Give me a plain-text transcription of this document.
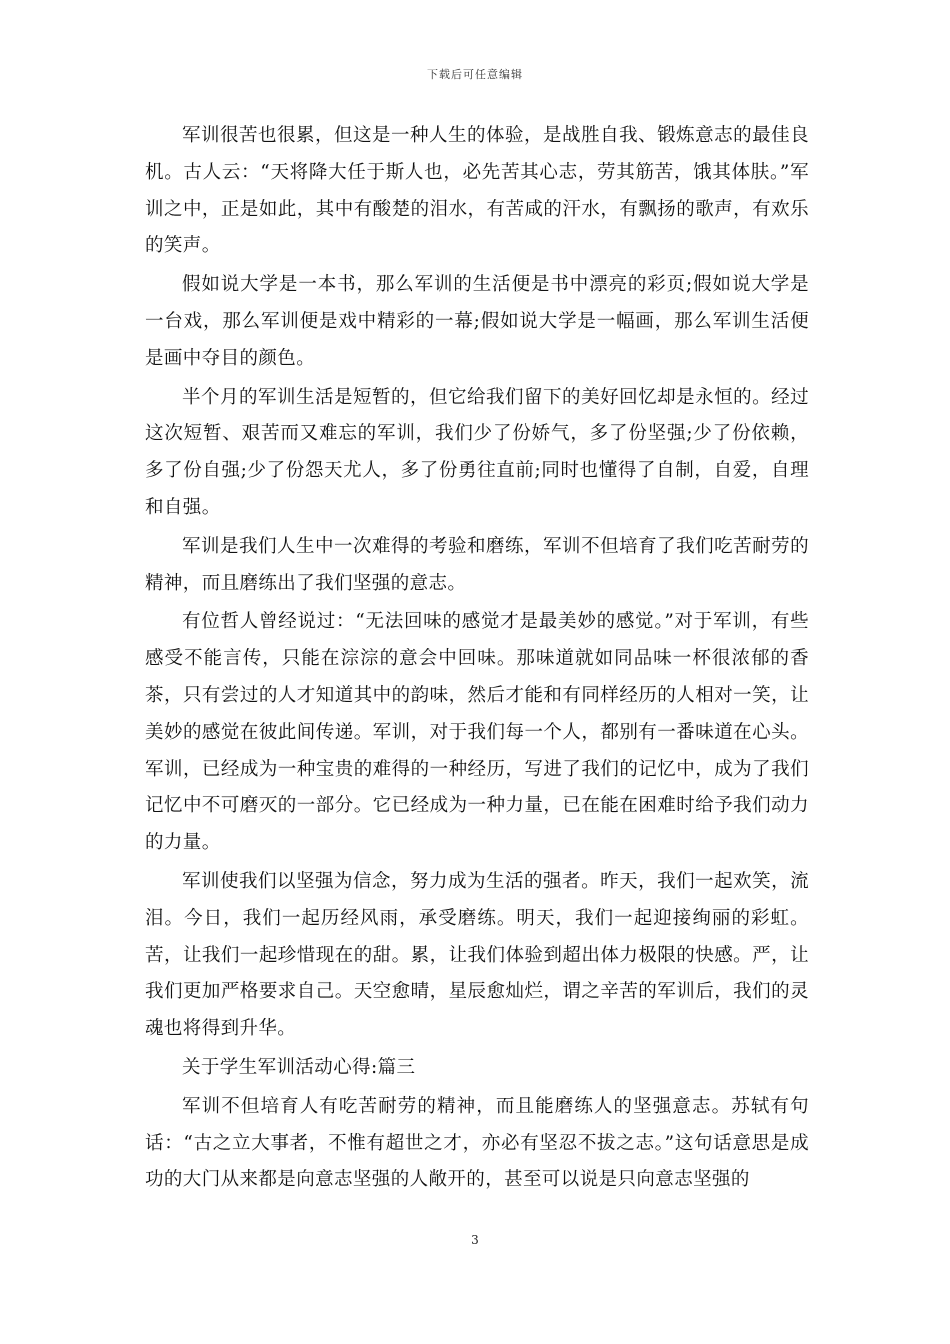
下载后可任意编辑

军训很苦也很累，但这是一种人生的体验，是战胜自我、锻炼意志的最佳良机。古人云：“天将降大任于斯人也，必先苦其心志，劳其筋苦，饿其体肤。”军训之中，正是如此，其中有酸楚的泪水，有苦咸的汗水，有飘扬的歌声，有欢乐的笑声。

假如说大学是一本书，那么军训的生活便是书中漂亮的彩页;假如说大学是一台戏，那么军训便是戏中精彩的一幕;假如说大学是一幅画，那么军训生活便是画中夺目的颜色。

半个月的军训生活是短暂的，但它给我们留下的美好回忆却是永恒的。经过这次短暂、艰苦而又难忘的军训，我们少了份娇气，多了份坚强;少了份依赖，多了份自强;少了份怨天尤人，多了份勇往直前;同时也懂得了自制，自爱，自理和自强。

军训是我们人生中一次难得的考验和磨练，军训不但培育了我们吃苦耐劳的精神，而且磨练出了我们坚强的意志。

有位哲人曾经说过：“无法回味的感觉才是最美妙的感觉。”对于军训，有些感受不能言传，只能在淙淙的意会中回味。那味道就如同品味一杯很浓郁的香茶，只有尝过的人才知道其中的韵味，然后才能和有同样经历的人相对一笑，让美妙的感觉在彼此间传递。军训，对于我们每一个人，都别有一番味道在心头。军训，已经成为一种宝贵的难得的一种经历，写进了我们的记忆中，成为了我们记忆中不可磨灭的一部分。它已经成为一种力量，已在能在困难时给予我们动力的力量。

军训使我们以坚强为信念，努力成为生活的强者。昨天，我们一起欢笑，流泪。今日，我们一起历经风雨，承受磨练。明天，我们一起迎接绚丽的彩虹。苦，让我们一起珍惜现在的甜。累，让我们体验到超出体力极限的快感。严，让我们更加严格要求自己。天空愈晴，星辰愈灿烂，谓之辛苦的军训后，我们的灵魂也将得到升华。

关于学生军训活动心得:篇三

军训不但培育人有吃苦耐劳的精神，而且能磨练人的坚强意志。苏轼有句话：“古之立大事者，不惟有超世之才，亦必有坚忍不拔之志。”这句话意思是成功的大门从来都是向意志坚强的人敞开的，甚至可以说是只向意志坚强的

3
